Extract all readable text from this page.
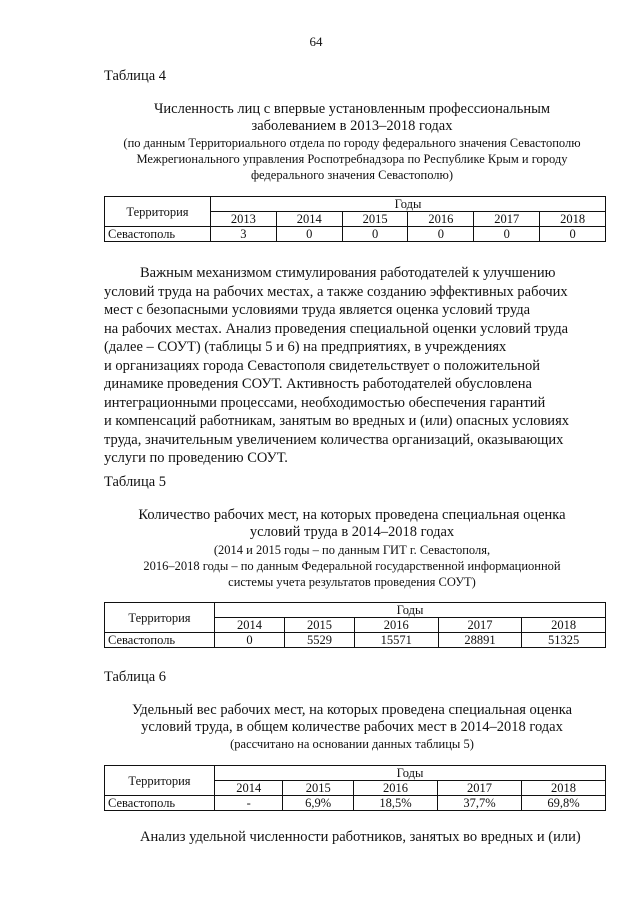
64
Таблица 4
Численность лиц с впервые установленным профессиональным
заболеванием в 2013–2018 годах
(по данным Территориального отдела по городу федерального значения Севастополю
Межрегионального управления Роспотребнадзора по Республике Крым и городу
федерального значения Севастополю)
Территория	Годы					
	2013	2014	2015	2016	2017	2018
Севастополь	3	0	0	0	0	0
Важным механизмом стимулирования работодателей к улучшению
условий труда на рабочих местах, а также созданию эффективных рабочих
мест с безопасными условиями труда является оценка условий труда
на рабочих местах. Анализ проведения специальной оценки условий труда
(далее – СОУТ) (таблицы 5 и 6) на предприятиях, в учреждениях
и организациях города Севастополя свидетельствует о положительной
динамике проведения СОУТ. Активность работодателей обусловлена
интеграционными процессами, необходимостью обеспечения гарантий
и компенсаций работникам, занятым во вредных и (или) опасных условиях
труда, значительным увеличением количества организаций, оказывающих
услуги по проведению СОУТ.
Таблица 5
Количество рабочих мест, на которых проведена специальная оценка
условий труда в 2014–2018 годах
(2014 и 2015 годы – по данным ГИТ г. Севастополя,
2016–2018 годы – по данным Федеральной государственной информационной
системы учета результатов проведения СОУТ)
Территория	Годы				
	2014	2015	2016	2017	2018
Севастополь	0	5529	15571	28891	51325
Таблица 6
Удельный вес рабочих мест, на которых проведена специальная оценка
условий труда, в общем количестве рабочих мест в 2014–2018 годах
(рассчитано на основании данных таблицы 5)
Территория	Годы				
	2014	2015	2016	2017	2018
Севастополь	-	6,9%	18,5%	37,7%	69,8%
Анализ удельной численности работников, занятых во вредных и (или)
